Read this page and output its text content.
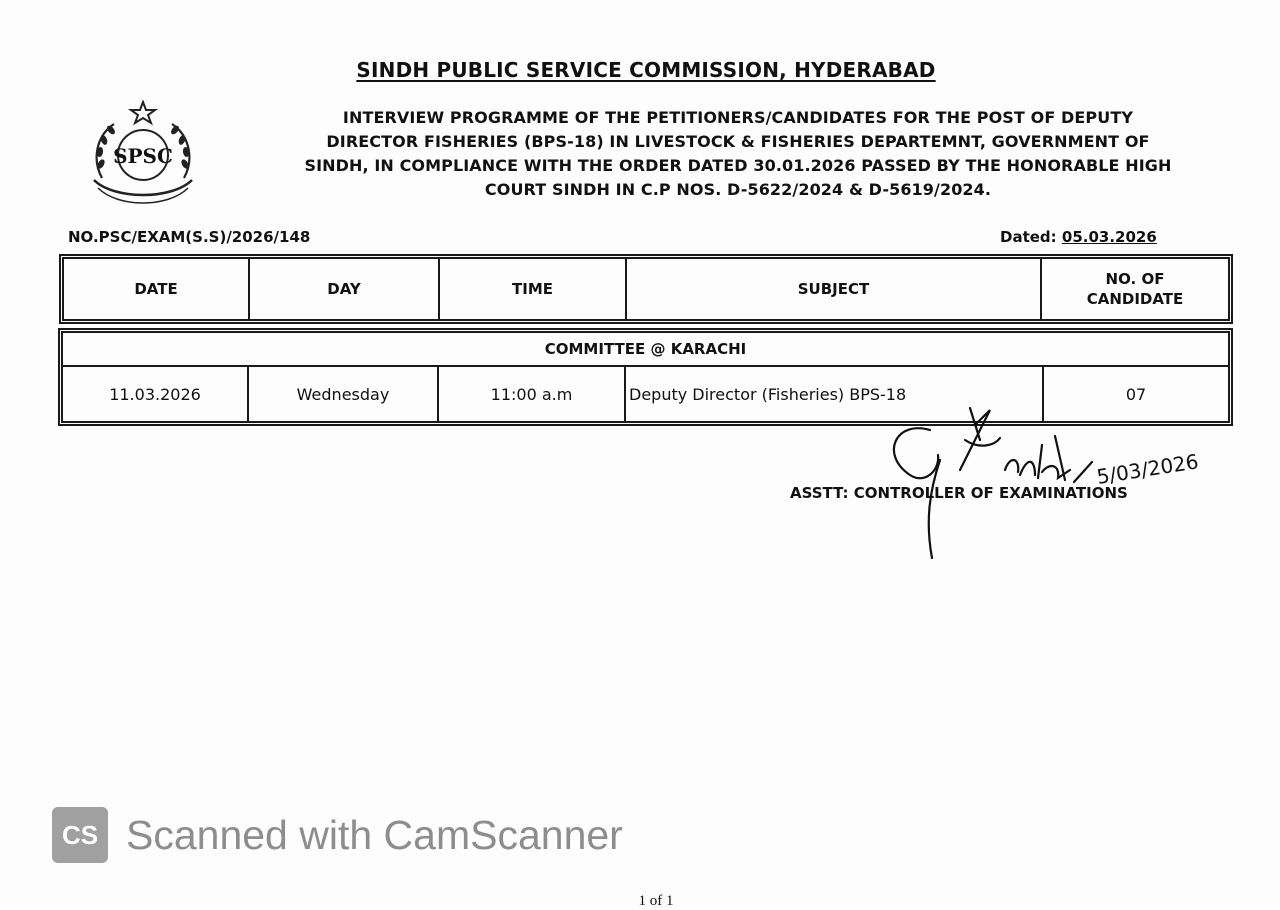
SINDH PUBLIC SERVICE COMMISSION, HYDERABAD
SPSC
INTERVIEW PROGRAMME OF THE PETITIONERS/CANDIDATES FOR THE POST OF DEPUTY
DIRECTOR FISHERIES (BPS-18) IN LIVESTOCK & FISHERIES DEPARTEMNT, GOVERNMENT OF
SINDH, IN COMPLIANCE WITH THE ORDER DATED 30.01.2026 PASSED BY THE HONORABLE HIGH
COURT SINDH IN C.P NOS. D-5622/2024 & D-5619/2024.
NO.PSC/EXAM(S.S)/2026/148	Dated: 05.03.2026
DATE	DAY	TIME	SUBJECT	NO. OF
CANDIDATE
COMMITTEE @ KARACHI
11.03.2026	Wednesday	11:00 a.m	Deputy Director (Fisheries) BPS-18	07
ASSTT: CONTROLLER OF EXAMINATIONS
5/03/2026
CS Scanned with CamScanner
1 of 1
